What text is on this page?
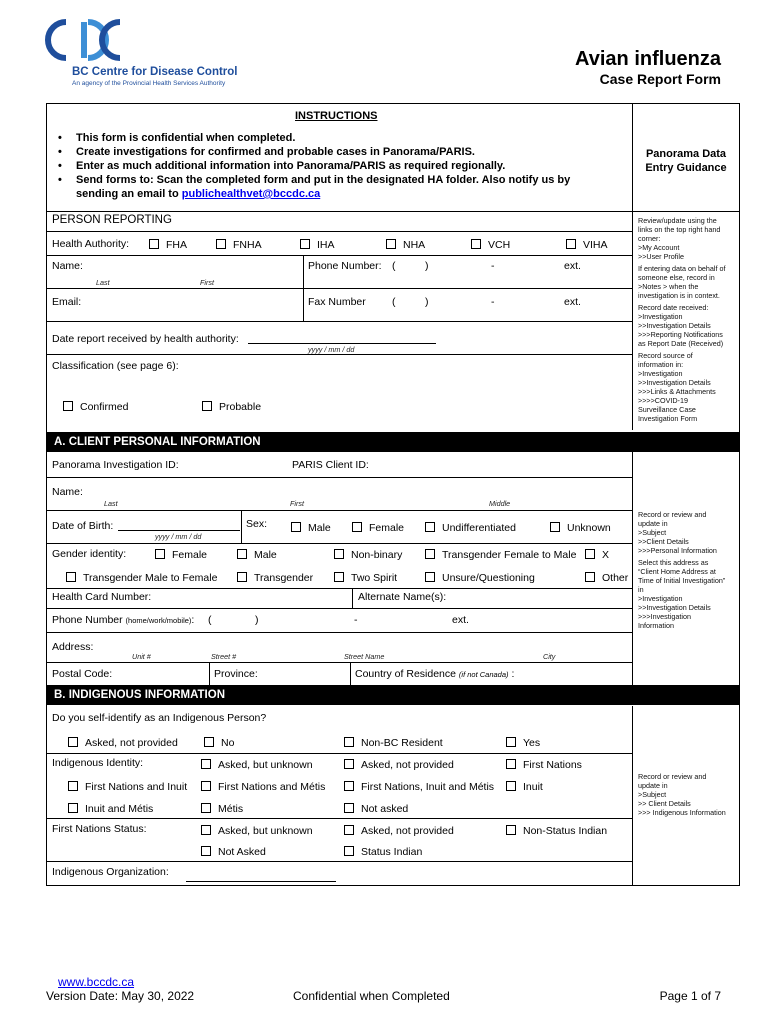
BC Centre for Disease Control
An agency of the Provincial Health Services Authority
Avian influenza
Case Report Form
INSTRUCTIONS
• This form is confidential when completed.
• Create investigations for confirmed and probable cases in Panorama/PARIS.
• Enter as much additional information into Panorama/PARIS as required regionally.
• Send forms to: Scan the completed form and put in the designated HA folder. Also notify us by
sending an email to publichealthvet@bccdc.ca
Panorama Data Entry Guidance
PERSON REPORTING
Health Authority:	FHA	FNHA	IHA	NHA	VCH	VIHA
Name:
Last	First
Phone Number: (	)	-	ext.
Email:	Fax Number (	)	-	ext.
Date report received by health authority:
yyyy / mm / dd
Classification (see page 6):
Confirmed	Probable
Review/update using the
links on the top right hand
corner:
>My Account
>>User Profile
If entering data on behalf of
someone else, record in
>Notes > when the
investigation is in context.
Record date received:
>Investigation
>>Investigation Details
>>>Reporting Notifications
as Report Date (Received)
Record source of
information in:
>Investigation
>>Investigation Details
>>>Links & Attachments
>>>>COVID-19
Surveillance Case
Investigation Form
A. CLIENT PERSONAL INFORMATION
Panorama Investigation ID:	PARIS Client ID:
Name:
Last	First	Middle
Date of Birth:
yyyy / mm / dd
Sex:	Male	Female	Undifferentiated	Unknown
Gender identity:	Female	Male	Non-binary	Transgender Female to Male	X
Transgender Male to Female	Transgender	Two Spirit	Unsure/Questioning	Other
Health Card Number:	Alternate Name(s):
Phone Number (home/work/mobile): (	)	-	ext.
Address:
Unit #	Street #	Street Name	City
Postal Code:	Province:	Country of Residence (if not Canada) :
Record or review and
update in
>Subject
>>Client Details
>>>Personal Information
Select this address as
“Client Home Address at
Time of Initial Investigation”
in
>Investigation
>>Investigation Details
>>>Investigation
Information
B. INDIGENOUS INFORMATION
Do you self-identify as an Indigenous Person?
Asked, not provided	No	Non-BC Resident	Yes
Indigenous Identity:	Asked, but unknown	Asked, not provided	First Nations
First Nations and Inuit	First Nations and Métis	First Nations, Inuit and Métis	Inuit
Inuit and Métis	Métis	Not asked
First Nations Status:	Asked, but unknown	Asked, not provided	Non-Status Indian
Not Asked	Status Indian
Indigenous Organization:
Record or review and
update in
>Subject
>> Client Details
>>> Indigenous Information
www.bccdc.ca
Version Date: May 30, 2022	Confidential when Completed	Page 1 of 7
